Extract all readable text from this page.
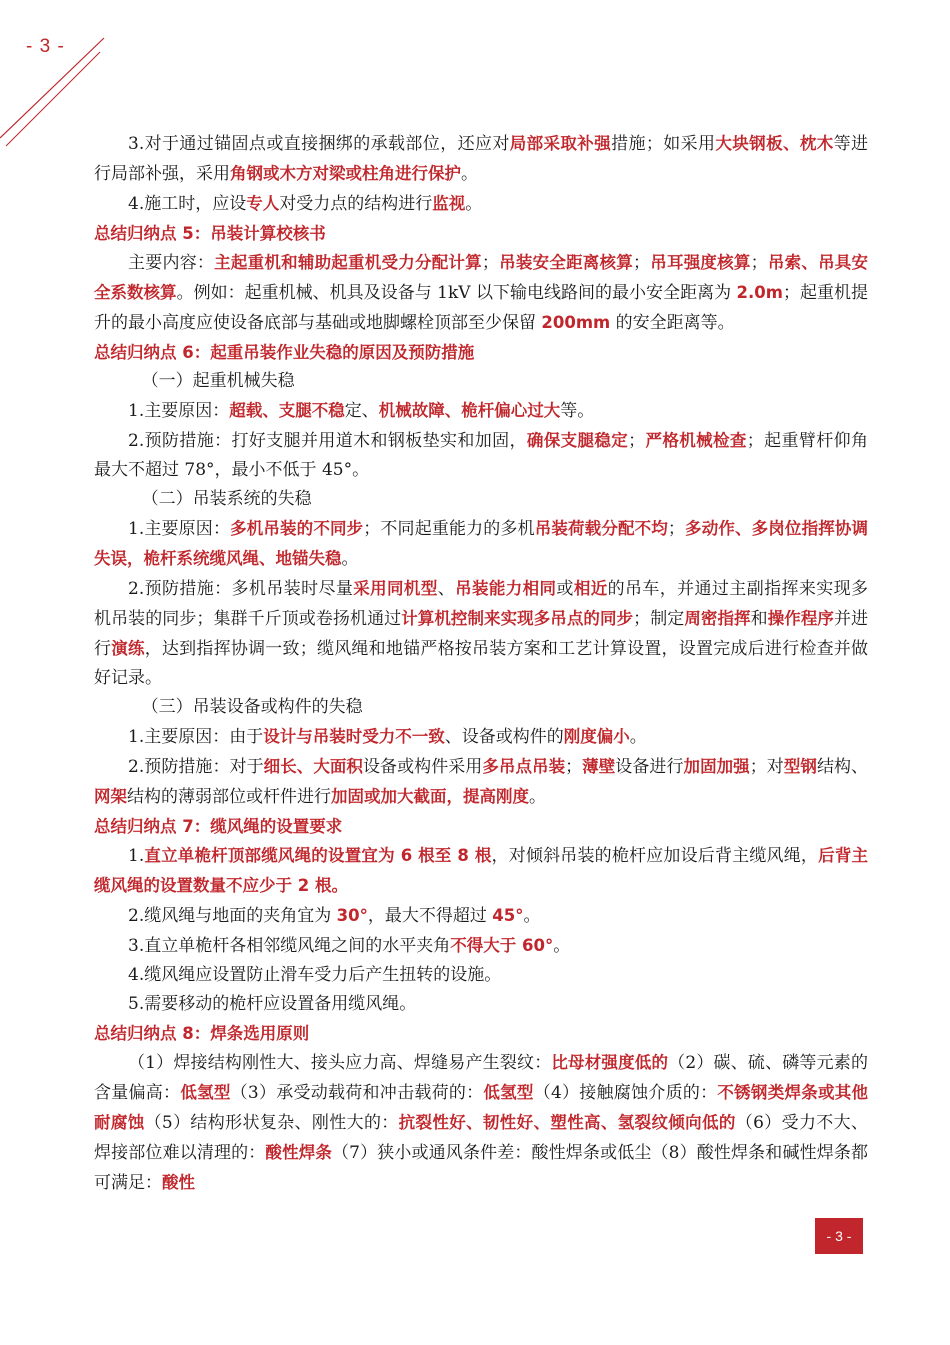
- 3 -

3.对于通过锚固点或直接捆绑的承载部位，还应对局部采取补强措施；如采用大块钢板、枕木等进行局部补强，采用角钢或木方对梁或柱角进行保护。

4.施工时，应设专人对受力点的结构进行监视。

总结归纳点 5：吊装计算校核书

主要内容：主起重机和辅助起重机受力分配计算；吊装安全距离核算；吊耳强度核算；吊索、吊具安全系数核算。例如：起重机械、机具及设备与 1kV 以下输电线路间的最小安全距离为 2.0m；起重机提升的最小高度应使设备底部与基础或地脚螺栓顶部至少保留 200mm 的安全距离等。

总结归纳点 6：起重吊装作业失稳的原因及预防措施

（一）起重机械失稳

1.主要原因：超载、支腿不稳定、机械故障、桅杆偏心过大等。

2.预防措施：打好支腿并用道木和钢板垫实和加固，确保支腿稳定；严格机械检查；起重臂杆仰角最大不超过 78°，最小不低于 45°。

（二）吊装系统的失稳

1.主要原因：多机吊装的不同步；不同起重能力的多机吊装荷载分配不均；多动作、多岗位指挥协调失误，桅杆系统缆风绳、地锚失稳。

2.预防措施：多机吊装时尽量采用同机型、吊装能力相同或相近的吊车，并通过主副指挥来实现多机吊装的同步；集群千斤顶或卷扬机通过计算机控制来实现多吊点的同步；制定周密指挥和操作程序并进行演练，达到指挥协调一致；缆风绳和地锚严格按吊装方案和工艺计算设置，设置完成后进行检查并做好记录。

（三）吊装设备或构件的失稳

1.主要原因：由于设计与吊装时受力不一致、设备或构件的刚度偏小。

2.预防措施：对于细长、大面积设备或构件采用多吊点吊装；薄壁设备进行加固加强；对型钢结构、网架结构的薄弱部位或杆件进行加固或加大截面，提高刚度。

总结归纳点 7：缆风绳的设置要求

1.直立单桅杆顶部缆风绳的设置宜为 6 根至 8 根，对倾斜吊装的桅杆应加设后背主缆风绳，后背主缆风绳的设置数量不应少于 2 根。

2.缆风绳与地面的夹角宜为 30°，最大不得超过 45°。

3.直立单桅杆各相邻缆风绳之间的水平夹角不得大于 60°。

4.缆风绳应设置防止滑车受力后产生扭转的设施。

5.需要移动的桅杆应设置备用缆风绳。

总结归纳点 8：焊条选用原则

（1）焊接结构刚性大、接头应力高、焊缝易产生裂纹：比母材强度低的（2）碳、硫、磷等元素的含量偏高：低氢型（3）承受动载荷和冲击载荷的：低氢型（4）接触腐蚀介质的：不锈钢类焊条或其他耐腐蚀（5）结构形状复杂、刚性大的：抗裂性好、韧性好、塑性高、氢裂纹倾向低的（6）受力不大、焊接部位难以清理的：酸性焊条（7）狭小或通风条件差：酸性焊条或低尘（8）酸性焊条和碱性焊条都可满足：酸性

- 3 -
